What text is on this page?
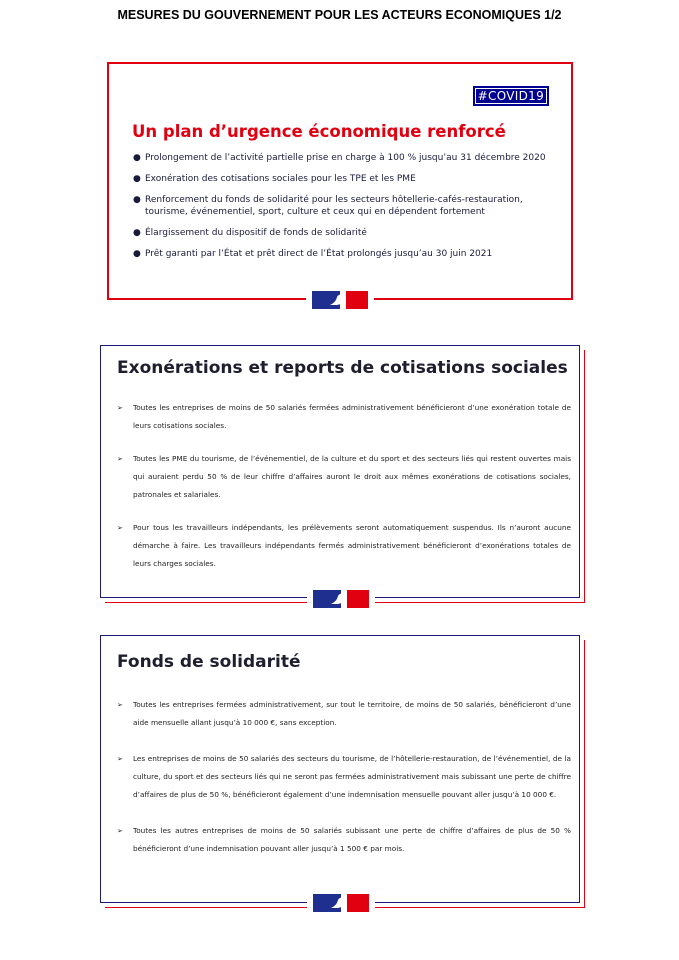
MESURES DU GOUVERNEMENT POUR LES ACTEURS ECONOMIQUES 1/2
#COVID19
Un plan d’urgence économique renforcé
● Prolongement de l’activité partielle prise en charge à 100 % jusqu’au 31 décembre 2020
● Exonération des cotisations sociales pour les TPE et les PME
● Renforcement du fonds de solidarité pour les secteurs hôtellerie-cafés-restauration, tourisme, événementiel, sport, culture et ceux qui en dépendent fortement
● Élargissement du dispositif de fonds de solidarité
● Prêt garanti par l’État et prêt direct de l’État prolongés jusqu’au 30 juin 2021
Exonérations et reports de cotisations sociales
➢ Toutes les entreprises de moins de 50 salariés fermées administrativement bénéficieront d’une exonération totale de leurs cotisations sociales.
➢ Toutes les PME du tourisme, de l’événementiel, de la culture et du sport et des secteurs liés qui restent ouvertes mais qui auraient perdu 50 % de leur chiffre d’affaires auront le droit aux mêmes exonérations de cotisations sociales, patronales et salariales.
➢ Pour tous les travailleurs indépendants, les prélèvements seront automatiquement suspendus. Ils n’auront aucune démarche à faire. Les travailleurs indépendants fermés administrativement bénéficieront d’exonérations totales de leurs charges sociales.
Fonds de solidarité
➢ Toutes les entreprises fermées administrativement, sur tout le territoire, de moins de 50 salariés, bénéficieront d’une aide mensuelle allant jusqu’à 10 000 €, sans exception.
➢ Les entreprises de moins de 50 salariés des secteurs du tourisme, de l’hôtellerie-restauration, de l’événementiel, de la culture, du sport et des secteurs liés qui ne seront pas fermées administrativement mais subissant une perte de chiffre d’affaires de plus de 50 %, bénéficieront également d’une indemnisation mensuelle pouvant aller jusqu’à 10 000 €.
➢ Toutes les autres entreprises de moins de 50 salariés subissant une perte de chiffre d’affaires de plus de 50 % bénéficieront d’une indemnisation pouvant aller jusqu’à 1 500 € par mois.
